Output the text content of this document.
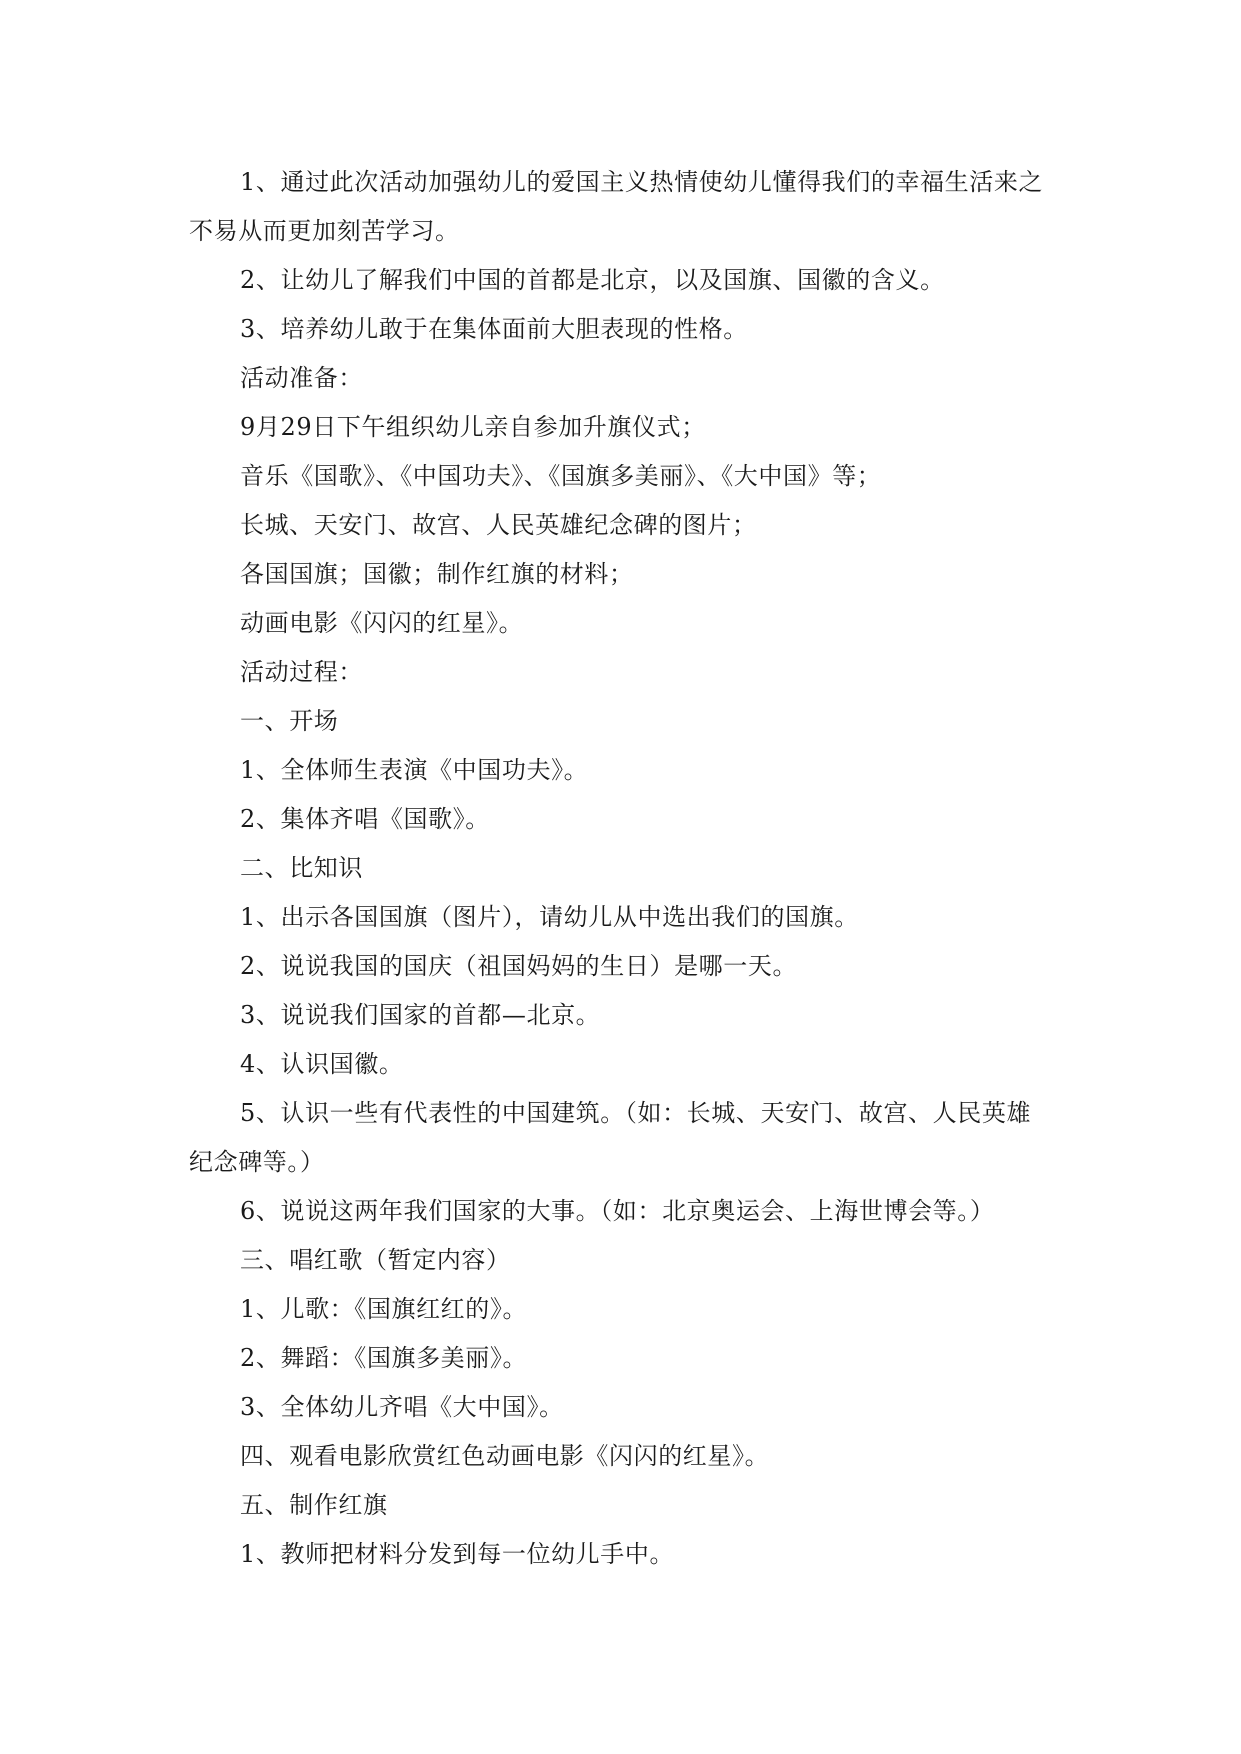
1、通过此次活动加强幼儿的爱国主义热情使幼儿懂得我们的幸福生活来之不易从而更加刻苦学习。

2、让幼儿了解我们中国的首都是北京，以及国旗、国徽的含义。

3、培养幼儿敢于在集体面前大胆表现的性格。

活动准备：

9月29日下午组织幼儿亲自参加升旗仪式；

音乐《国歌》、《中国功夫》、《国旗多美丽》、《大中国》等；

长城、天安门、故宫、人民英雄纪念碑的图片；

各国国旗；国徽；制作红旗的材料；

动画电影《闪闪的红星》。

活动过程：

一、开场

1、全体师生表演《中国功夫》。

2、集体齐唱《国歌》。

二、比知识

1、出示各国国旗（图片），请幼儿从中选出我们的国旗。

2、说说我国的国庆（祖国妈妈的生日）是哪一天。

3、说说我们国家的首都—北京。

4、认识国徽。

5、认识一些有代表性的中国建筑。（如：长城、天安门、故宫、人民英雄纪念碑等。）

6、说说这两年我们国家的大事。（如：北京奥运会、上海世博会等。）

三、唱红歌（暂定内容）

1、儿歌：《国旗红红的》。

2、舞蹈：《国旗多美丽》。

3、全体幼儿齐唱《大中国》。

四、观看电影欣赏红色动画电影《闪闪的红星》。

五、制作红旗

1、教师把材料分发到每一位幼儿手中。
